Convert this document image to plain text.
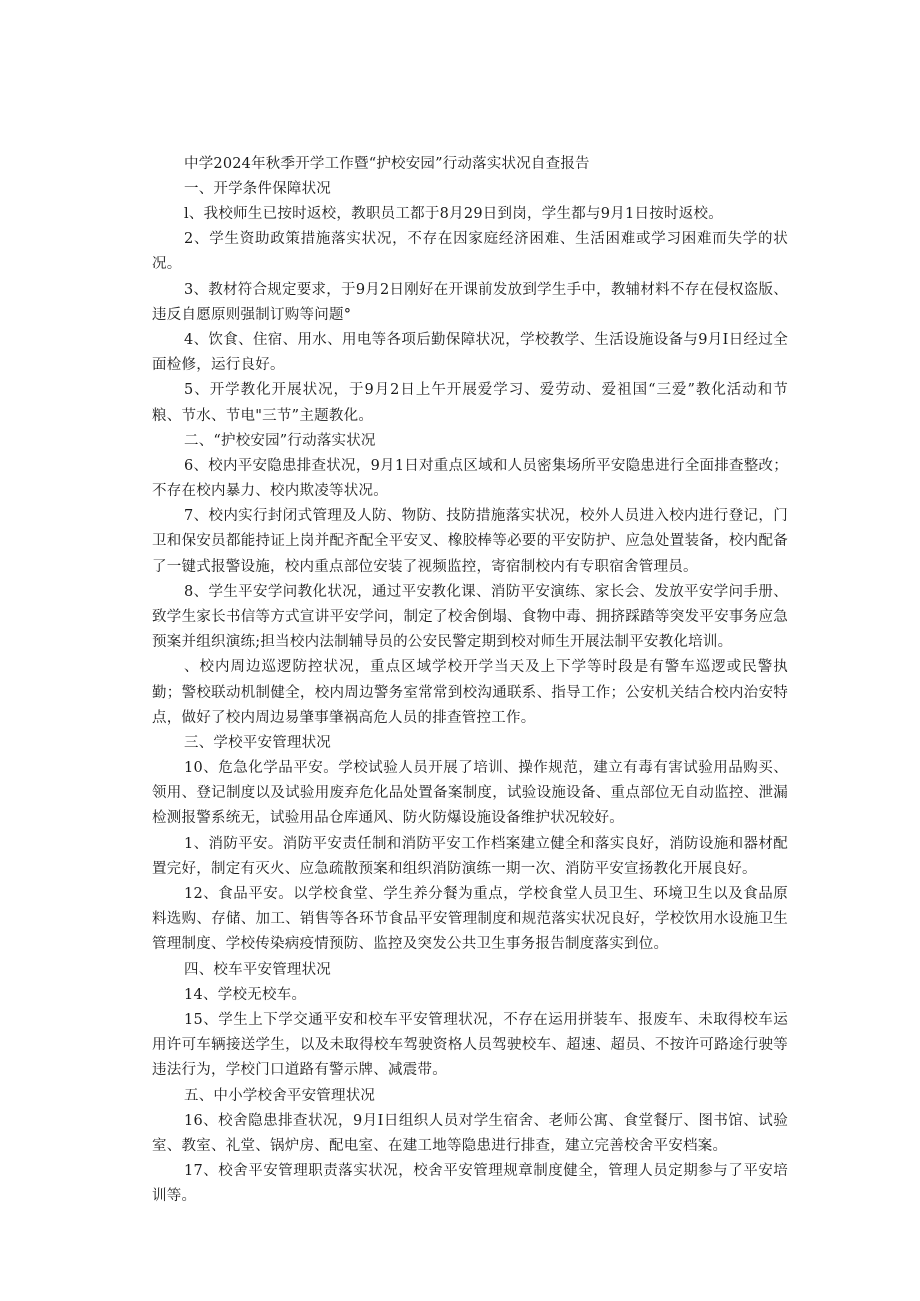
中学2024年秋季开学工作暨“护校安园”行动落实状况自查报告

一、开学条件保障状况

l、我校师生已按时返校，教职员工都于8月29日到岗，学生都与9月1日按时返校。

2、学生资助政策措施落实状况，不存在因家庭经济困难、生活困难或学习困难而失学的状况。

3、教材符合规定要求，于9月2日刚好在开课前发放到学生手中，教辅材料不存在侵权盗版、违反自愿原则强制订购等问题°

4、饮食、住宿、用水、用电等各项后勤保障状况，学校教学、生活设施设备与9月I日经过全面检修，运行良好。

5、开学教化开展状况，于9月2日上午开展爱学习、爱劳动、爱祖国“三爱”教化活动和节粮、节水、节电"三节”主题教化。

二、“护校安园”行动落实状况

6、校内平安隐患排查状况，9月1日对重点区域和人员密集场所平安隐患进行全面排查整改；不存在校内暴力、校内欺凌等状况。

7、校内实行封闭式管理及人防、物防、技防措施落实状况，校外人员进入校内进行登记，门卫和保安员都能持证上岗并配齐配全平安叉、橡胶棒等必要的平安防护、应急处置装备，校内配备了一键式报警设施，校内重点部位安装了视频监控，寄宿制校内有专职宿舍管理员。

8、学生平安学问教化状况，通过平安教化课、消防平安演练、家长会、发放平安学问手册、致学生家长书信等方式宣讲平安学问，制定了校舍倒塌、食物中毒、拥挤踩踏等突发平安事务应急预案并组织演练;担当校内法制辅导员的公安民警定期到校对师生开展法制平安教化培训。

、校内周边巡逻防控状况，重点区域学校开学当天及上下学等时段是有警车巡逻或民警执勤；警校联动机制健全，校内周边警务室常常到校沟通联系、指导工作；公安机关结合校内治安特点，做好了校内周边易肇事肇祸高危人员的排查管控工作。

三、学校平安管理状况

10、危急化学品平安。学校试验人员开展了培训、操作规范，建立有毒有害试验用品购买、领用、登记制度以及试验用废弃危化品处置备案制度，试验设施设备、重点部位无自动监控、泄漏检测报警系统无，试验用品仓库通风、防火防爆设施设备维护状况较好。

1、消防平安。消防平安责任制和消防平安工作档案建立健全和落实良好，消防设施和器材配置完好，制定有灭火、应急疏散预案和组织消防演练一期一次、消防平安宣扬教化开展良好。

12、食品平安。以学校食堂、学生养分餐为重点，学校食堂人员卫生、环境卫生以及食品原料选购、存储、加工、销售等各环节食品平安管理制度和规范落实状况良好，学校饮用水设施卫生管理制度、学校传染病疫情预防、监控及突发公共卫生事务报告制度落实到位。

四、校车平安管理状况

14、学校无校车。

15、学生上下学交通平安和校车平安管理状况，不存在运用拼装车、报废车、未取得校车运用许可车辆接送学生，以及未取得校车驾驶资格人员驾驶校车、超速、超员、不按许可路途行驶等违法行为，学校门口道路有警示牌、减震带。

五、中小学校舍平安管理状况

16、校舍隐患排查状况，9月I日组织人员对学生宿舍、老师公寓、食堂餐厅、图书馆、试验室、教室、礼堂、锅炉房、配电室、在建工地等隐患进行排查，建立完善校舍平安档案。

17、校舍平安管理职责落实状况，校舍平安管理规章制度健全，管理人员定期参与了平安培训等。
